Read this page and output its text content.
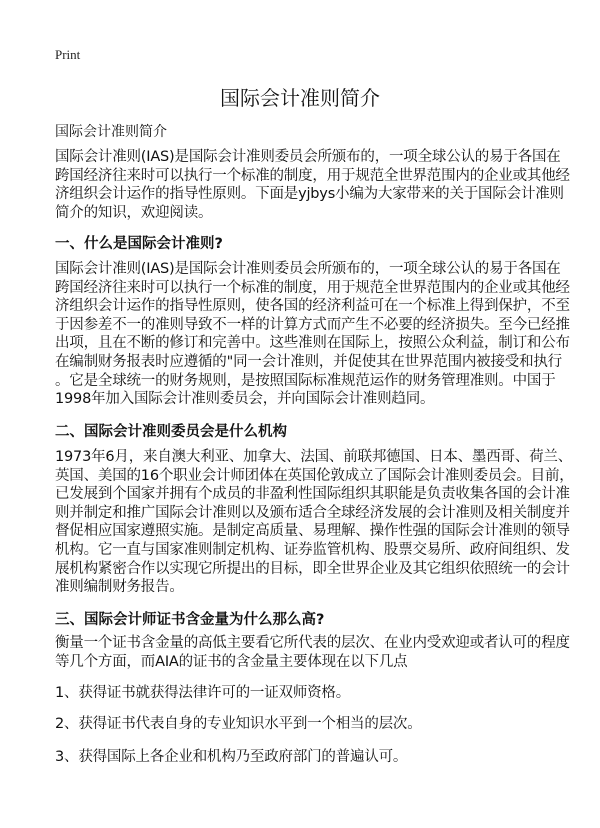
Print
国际会计准则简介
国际会计准则简介
国际会计准则(IAS)是国际会计准则委员会所颁布的，一项全球公认的易于各国在
跨国经济往来时可以执行一个标准的制度，用于规范全世界范围内的企业或其他经
济组织会计运作的指导性原则。下面是yjbys小编为大家带来的关于国际会计准则
简介的知识，欢迎阅读。
一、什么是国际会计准则?
国际会计准则(IAS)是国际会计准则委员会所颁布的，一项全球公认的易于各国在
跨国经济往来时可以执行一个标准的制度，用于规范全世界范围内的企业或其他经
济组织会计运作的指导性原则，使各国的经济利益可在一个标准上得到保护，不至
于因参差不一的准则导致不一样的计算方式而产生不必要的经济损失。至今已经推
出项，且在不断的修订和完善中。这些准则在国际上，按照公众利益，制订和公布
在编制财务报表时应遵循的"同一会计准则，并促使其在世界范围内被接受和执行
。它是全球统一的财务规则，是按照国际标准规范运作的财务管理准则。中国于
1998年加入国际会计准则委员会，并向国际会计准则趋同。
二、国际会计准则委员会是什么机构
1973年6月，来自澳大利亚、加拿大、法国、前联邦德国、日本、墨西哥、荷兰、
英国、美国的16个职业会计师团体在英国伦敦成立了国际会计准则委员会。目前，
已发展到个国家并拥有个成员的非盈利性国际组织其职能是负责收集各国的会计准
则并制定和推广国际会计准则以及颁布适合全球经济发展的会计准则及相关制度并
督促相应国家遵照实施。是制定高质量、易理解、操作性强的国际会计准则的领导
机构。它一直与国家准则制定机构、证券监管机构、股票交易所、政府间组织、发
展机构紧密合作以实现它所提出的目标，即全世界企业及其它组织依照统一的会计
准则编制财务报告。
三、国际会计师证书含金量为什么那么高?
衡量一个证书含金量的高低主要看它所代表的层次、在业内受欢迎或者认可的程度
等几个方面，而AIA的证书的含金量主要体现在以下几点
1、获得证书就获得法律许可的一证双师资格。
2、获得证书代表自身的专业知识水平到一个相当的层次。
3、获得国际上各企业和机构乃至政府部门的普遍认可。
